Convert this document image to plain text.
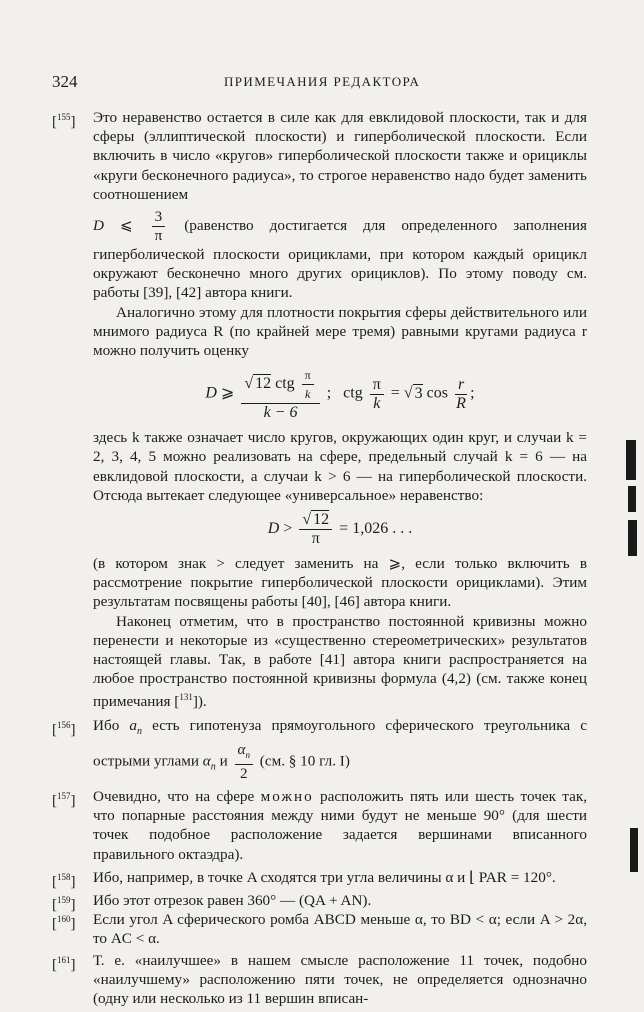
324	ПРИМЕЧАНИЯ РЕДАКТОРА
[$^{155}$] Это неравенство остается в силе как для евклидовой плоскости, так и для сферы (эллиптической плоскости) и гиперболической плоскости. Если включить в число «кругов» гиперболической плоскости также и орициклы «круги бесконечного радиуса», то строгое неравенство надо будет заменить соотношением

D ⩽ $\frac{3}{\pi}$ (равенство достигается для определенного заполнения гиперболической плоскости орициклами, при котором каждый орицикл окружают бесконечно много других орициклов). По этому поводу см. работы [39], [42] автора книги.

Аналогично этому для плотности покрытия сферы действительного или мнимого радиуса R (по крайней мере тремя) равными кругами радиуса r можно получить оценку

D ⩾ $\frac{√ 12 ctg \frac{\pi}{k}}{k - 6}$ ; ctg $\frac{\pi}{k}$ = √ 3 $\cos \frac{r}{R}$ ;

здесь k также означает число кругов, окружающих один круг, и случаи k = 2, 3, 4, 5 можно реализовать на сфере, предельный случай k = 6 — на евклидовой плоскости, а случаи k > 6 — на гиперболической плоскости. Отсюда вытекает следующее «универсальное» неравенство:

$D > \frac{√ 12}{\pi} = 1,026$ . . .

(в котором знак > следует заменить на ⩾, если только включить в рассмотрение покрытие гиперболической плоскости орициклами). Этим результатам посвящены работы [40], [46] автора книги.

Наконец отметим, что в пространство постоянной кривизны можно перенести и некоторые из «существенно стереометрических» результатов настоящей главы. Так, в работе [41] автора книги распространяется на любое пространство постоянной кривизны формула (4,2) (см. также конец примечания [$^{131}$]).

[$^{156}$] Ибо $a_n$ есть гипотенуза прямоугольного сферического треугольника с острыми углами $\alpha_n$ и $\frac{\alpha_n}{2} (см$. § 10 гл. I)

[$^{157}$] Очевидно, что на сфере можно расположить пять или шесть точек так, что попарные расстояния между ними будут не меньше 90° (для шести точек подобное расположение задается вершинами вписанного правильного октаэдра).

[$^{158}$] Ибо, например, в точке A сходятся три угла величины α и ⌊ PAR = 120°.

[$^{159}$] Ибо этот отрезок равен 360° — (QA + AN).

[$^{160}$] Если угол A сферического ромба ABCD меньше α, то BD < α; если A > 2α, то AC < α.

[$^{161}$] Т. е. «наилучшее» в нашем смысле расположение 11 точек, подобно «наилучшему» расположению пяти точек, не определяется однозначно (одну или несколько из 11 вершин вписан-
